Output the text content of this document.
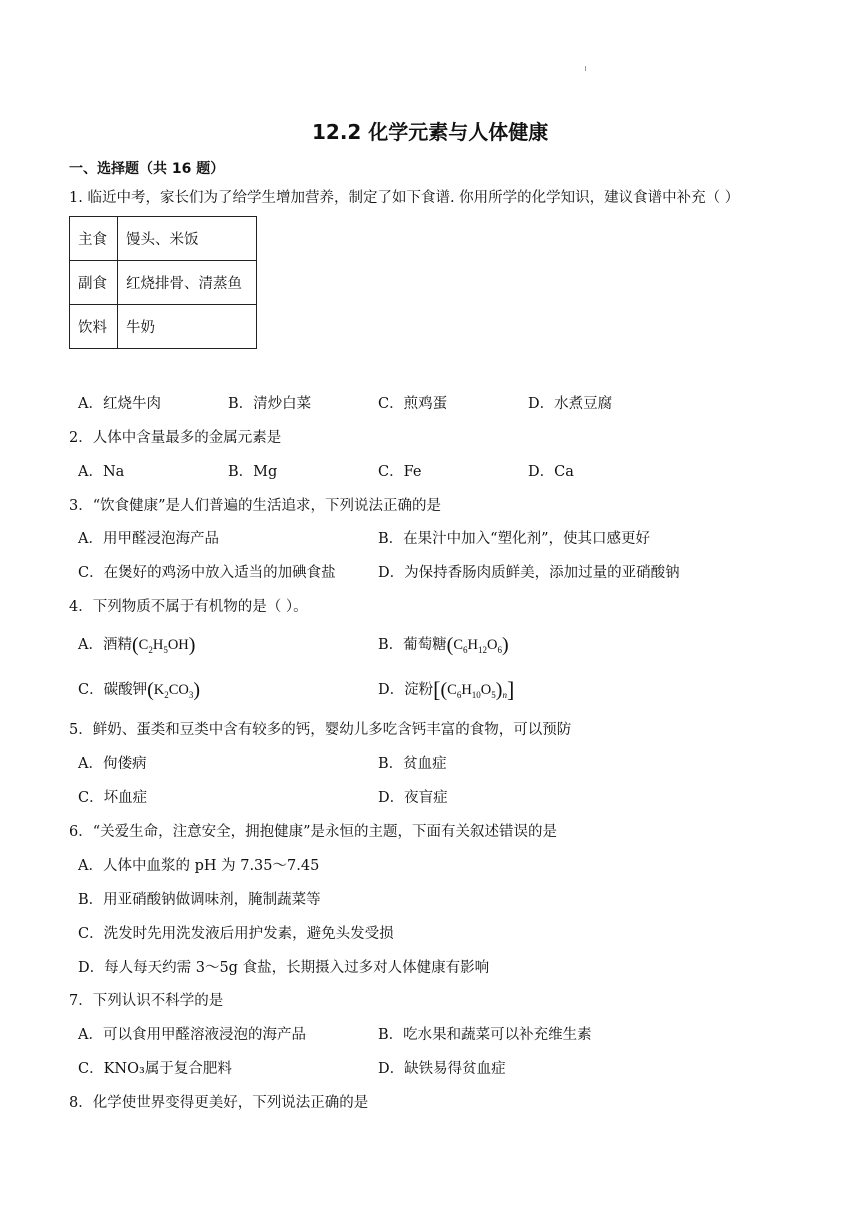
12.2 化学元素与人体健康
一、选择题（共 16 题）
1. 临近中考，家长们为了给学生增加营养，制定了如下食谱. 你用所学的化学知识，建议食谱中补充（ ）
主食	馒头、米饭
副食	红烧排骨、清蒸鱼
饮料	牛奶
A．红烧牛肉	B．清炒白菜	C．煎鸡蛋	D．水煮豆腐
2．人体中含量最多的金属元素是
A．Na	B．Mg	C．Fe	D．Ca
3．“饮食健康”是人们普遍的生活追求，下列说法正确的是
A．用甲醛浸泡海产品	B．在果汁中加入“塑化剂”，使其口感更好
C．在煲好的鸡汤中放入适当的加碘食盐	D．为保持香肠肉质鲜美，添加过量的亚硝酸钠
4．下列物质不属于有机物的是（ ）。
A．酒精$(C_2H_5OH)$	B．葡萄糖$(C_6H_{12}O_6)$
C．碳酸钾$(K_2CO_3)$	D．淀粉$[(C_6H_{10}O_5)_n]$
5．鲜奶、蛋类和豆类中含有较多的钙，婴幼儿多吃含钙丰富的食物，可以预防
A．佝偻病	B．贫血症
C．坏血症	D．夜盲症
6．“关爱生命，注意安全，拥抱健康”是永恒的主题，下面有关叙述错误的是
A．人体中血浆的 pH 为 7.35～7.45
B．用亚硝酸钠做调味剂，腌制蔬菜等
C．洗发时先用洗发液后用护发素，避免头发受损
D．每人每天约需 3～5g 食盐，长期摄入过多对人体健康有影响
7．下列认识不科学的是
A．可以食用甲醛溶液浸泡的海产品	B．吃水果和蔬菜可以补充维生素
C．KNO₃属于复合肥料	D．缺铁易得贫血症
8．化学使世界变得更美好，下列说法正确的是
